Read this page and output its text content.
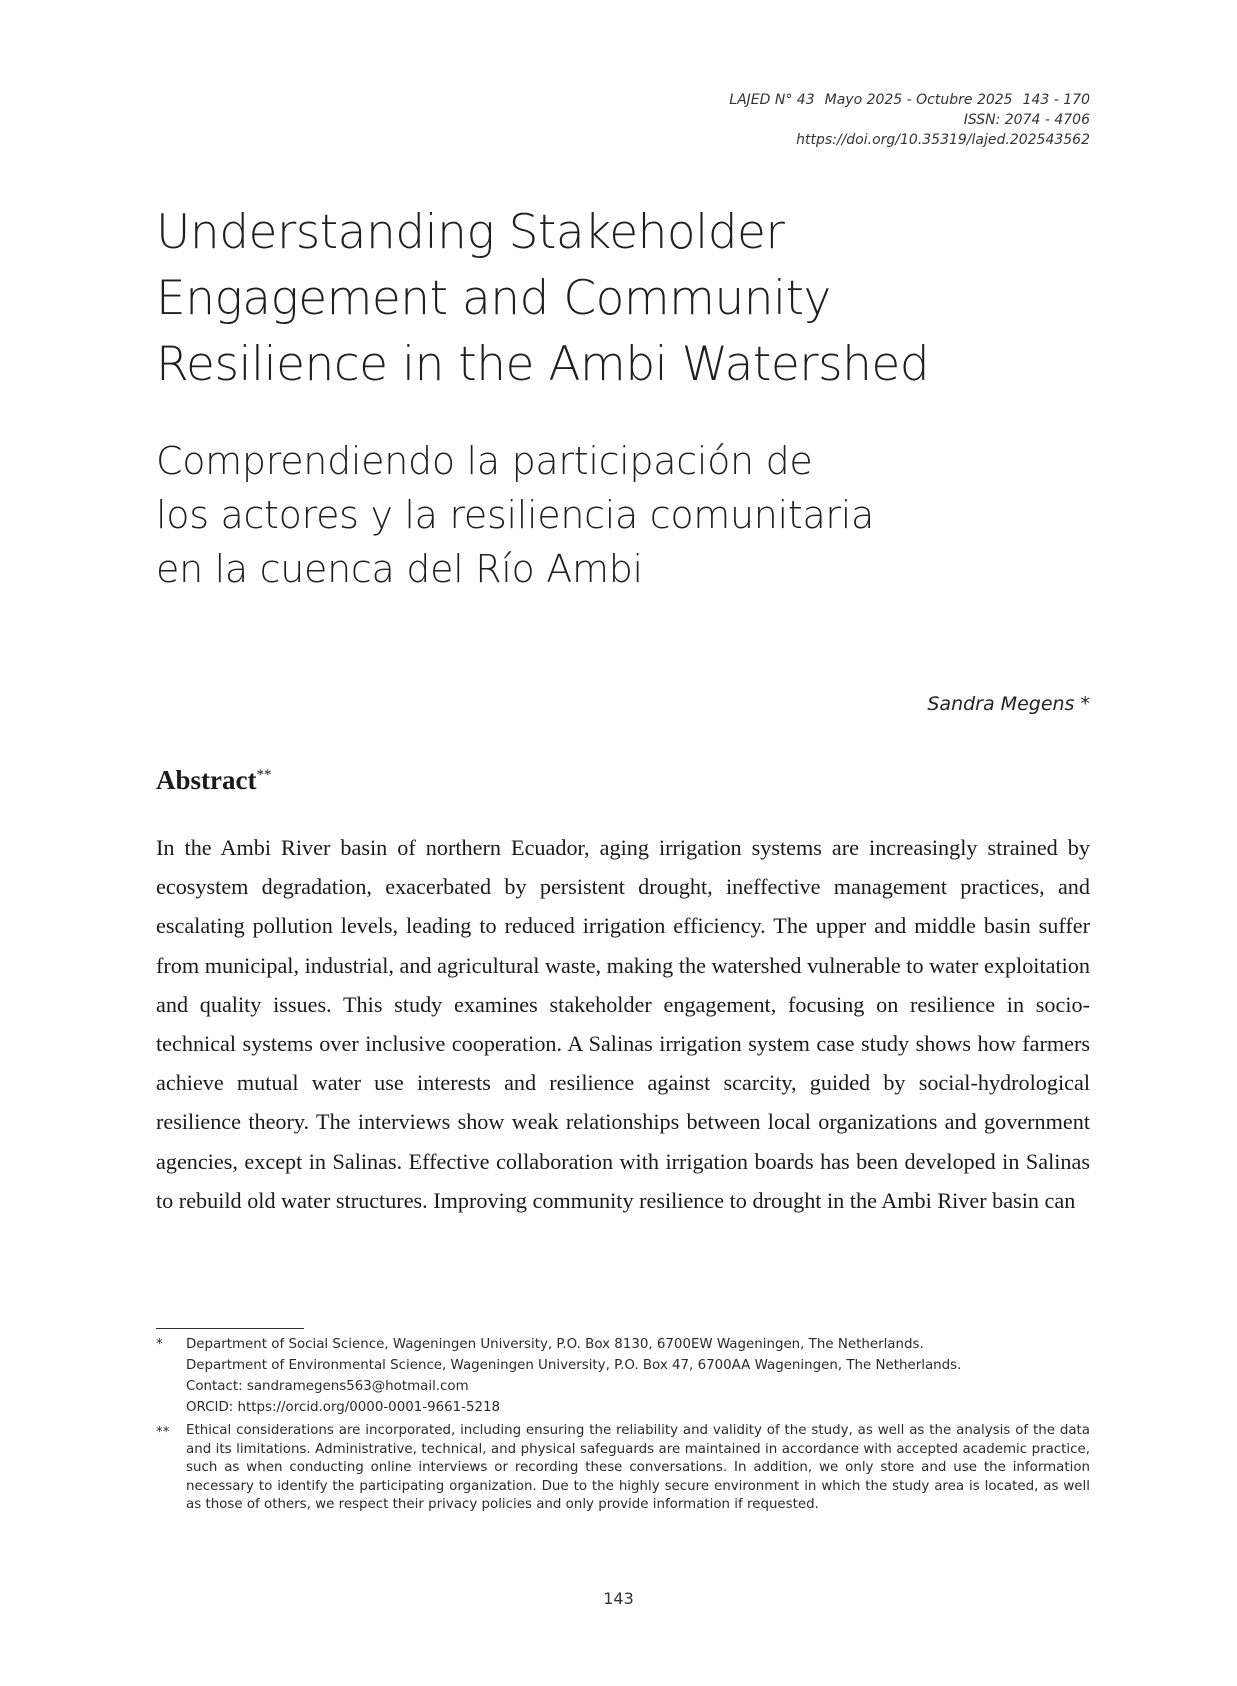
LAJED N° 43 Mayo 2025 - Octubre 2025 143 - 170
ISSN: 2074 - 4706
https://doi.org/10.35319/lajed.202543562
Understanding Stakeholder
Engagement and Community
Resilience in the Ambi Watershed
Comprendiendo la participación de
los actores y la resiliencia comunitaria
en la cuenca del Río Ambi
Sandra Megens *
Abstract**

In the Ambi River basin of northern Ecuador, aging irrigation systems are increasingly strained by ecosystem degradation, exacerbated by persistent drought, ineffective management practices, and escalating pollution levels, leading to reduced irrigation efficiency. The upper and middle basin suffer from municipal, industrial, and agricultural waste, making the watershed vulnerable to water exploitation and quality issues. This study examines stakeholder engagement, focusing on resilience in socio-technical systems over inclusive cooperation. A Salinas irrigation system case study shows how farmers achieve mutual water use interests and resilience against scarcity, guided by social-hydrological resilience theory. The interviews show weak relationships between local organizations and government agencies, except in Salinas. Effective collaboration with irrigation boards has been developed in Salinas to rebuild old water structures. Improving community resilience to drought in the Ambi River basin can

*	Department of Social Science, Wageningen University, P.O. Box 8130, 6700EW Wageningen, The Netherlands.
Department of Environmental Science, Wageningen University, P.O. Box 47, 6700AA Wageningen, The Netherlands.
Contact: sandramegens563@hotmail.com
ORCID: https://orcid.org/0000-0001-9661-5218
**	Ethical considerations are incorporated, including ensuring the reliability and validity of the study, as well as the analysis of the data and its limitations. Administrative, technical, and physical safeguards are maintained in accordance with accepted academic practice, such as when conducting online interviews or recording these conversations. In addition, we only store and use the information necessary to identify the participating organization. Due to the highly secure environment in which the study area is located, as well as those of others, we respect their privacy policies and only provide information if requested.
143
